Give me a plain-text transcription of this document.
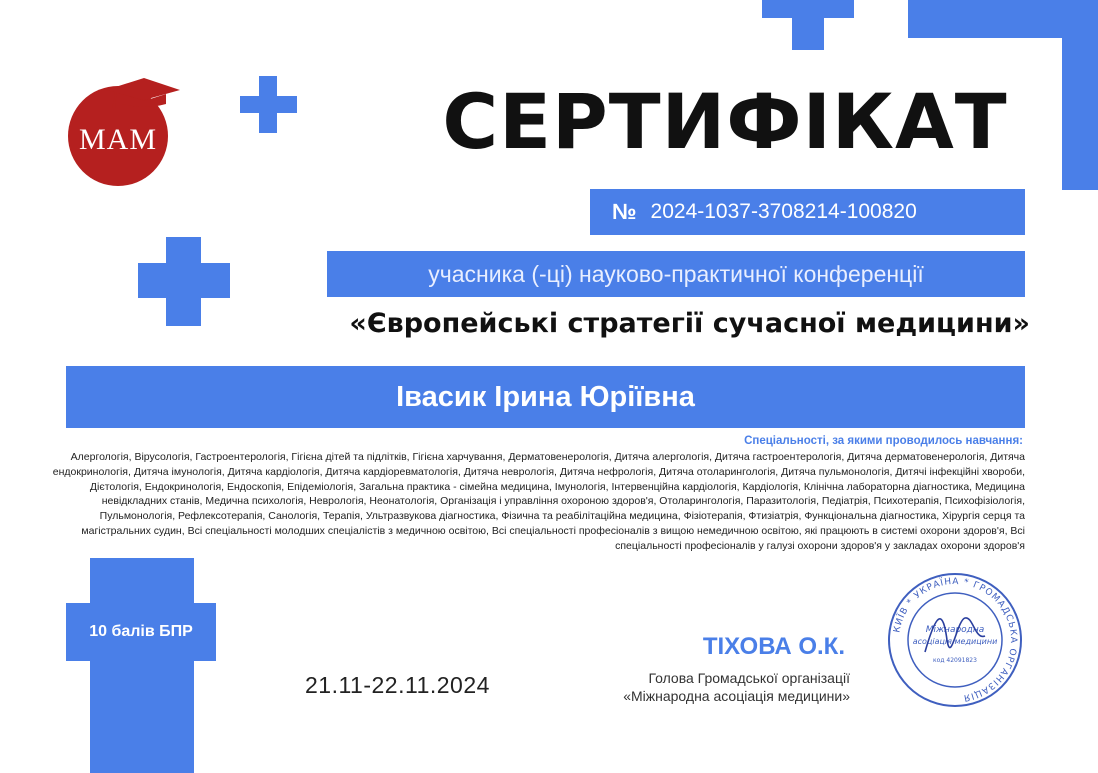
МАМ	СЕРТИФІКАТ
№ 2024-1037-3708214-100820
учасника (-ці) науково-практичної конференції
«Європейські стратегії сучасної медицини»
Івасик Ірина Юріївна
Спеціальності, за якими проводилось навчання:
Алергологія, Вірусологія, Гастроентерологія, Гігієна дітей та підлітків, Гігієна харчування, Дерматовенерологія, Дитяча алергологія, Дитяча гастроентерологія, Дитяча дерматовенерологія, Дитяча ендокринологія, Дитяча імунологія, Дитяча кардіологія, Дитяча кардіоревматологія, Дитяча неврологія, Дитяча нефрологія, Дитяча отоларингологія, Дитяча пульмонологія, Дитячі інфекційні хвороби, Дієтологія, Ендокринологія, Ендоскопія, Епідеміологія, Загальна практика - сімейна медицина, Імунологія, Інтервенційна кардіологія, Кардіологія, Клінічна лабораторна діагностика, Медицина невідкладних станів, Медична психологія, Неврологія, Неонатологія, Організація і управління охороною здоров'я, Отоларингологія, Паразитологія, Педіатрія, Психотерапія, Психофізіологія, Пульмонологія, Рефлексотерапія, Санологія, Терапія, Ультразвукова діагностика, Фізична та реабілітаційна медицина, Фізіотерапія, Фтизіатрія, Функціональна діагностика, Хірургія серця та магістральних судин, Всі спеціальності молодших спеціалістів з медичною освітою, Всі спеціальності професіоналів з вищою немедичною освітою, які працюють в системі охорони здоров'я, Всі спеціальності професіоналів у галузі охорони здоров'я у закладах охорони здоров'я
10 балів БПР
21.11-22.11.2024
ТІХОВА О.К.
Голова Громадської організації
«Міжнародна асоціація медицини»
КИЇВ * УКРАЇНА * ГРОМАДСЬКА ОРГАНІЗАЦІЯ
Міжнародна
асоціація медицини
код 42091823
